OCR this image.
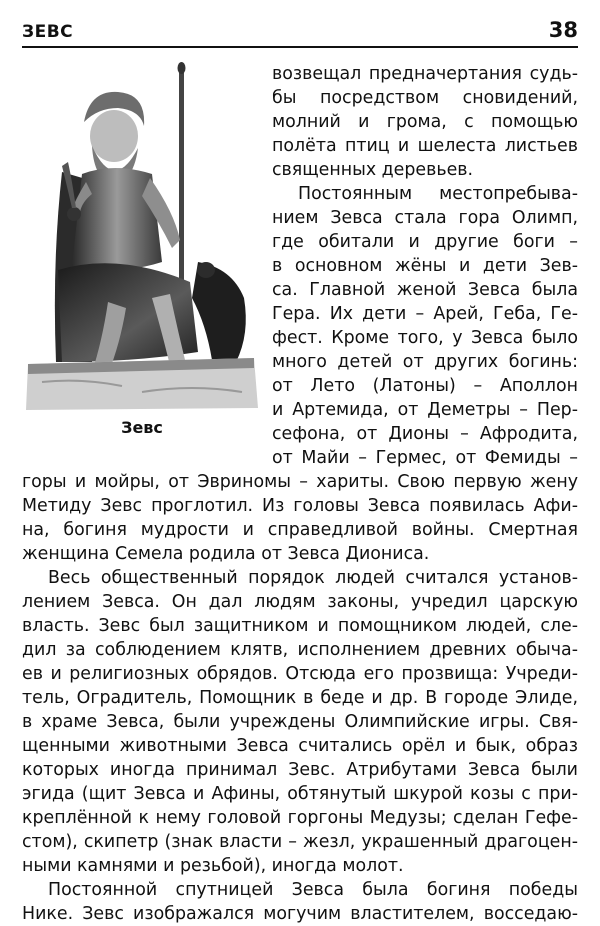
ЗЕВС	38
Зевс
возвещал предначертания судь-
бы посредством сновидений,
молний и грома, с помощью
полёта птиц и шелеста листьев
священных деревьев.
Постоянным местопребыва-
нием Зевса стала гора Олимп,
где обитали и другие боги –
в основном жёны и дети Зев-
са. Главной женой Зевса была
Гера. Их дети – Арей, Геба, Ге-
фест. Кроме того, у Зевса было
много детей от других богинь:
от Лето (Латоны) – Аполлон
и Артемида, от Деметры – Пер-
сефона, от Дионы – Афродита,
от Майи – Гермес, от Фемиды –
горы и мойры, от Эвриномы – хариты. Свою первую жену
Метиду Зевс проглотил. Из головы Зевса появилась Афи-
на, богиня мудрости и справедливой войны. Смертная
женщина Семела родила от Зевса Диониса.
Весь общественный порядок людей считался установ-
лением Зевса. Он дал людям законы, учредил царскую
власть. Зевс был защитником и помощником людей, сле-
дил за соблюдением клятв, исполнением древних обыча-
ев и религиозных обрядов. Отсюда его прозвища: Учреди-
тель, Оградитель, Помощник в беде и др. В городе Элиде,
в храме Зевса, были учреждены Олимпийские игры. Свя-
щенными животными Зевса считались орёл и бык, образ
которых иногда принимал Зевс. Атрибутами Зевса были
эгида (щит Зевса и Афины, обтянутый шкурой козы с при-
креплённой к нему головой горгоны Медузы; сделан Гефе-
стом), скипетр (знак власти – жезл, украшенный драгоцен-
ными камнями и резьбой), иногда молот.
Постоянной спутницей Зевса была богиня победы
Нике. Зевс изображался могучим властителем, восседаю-
